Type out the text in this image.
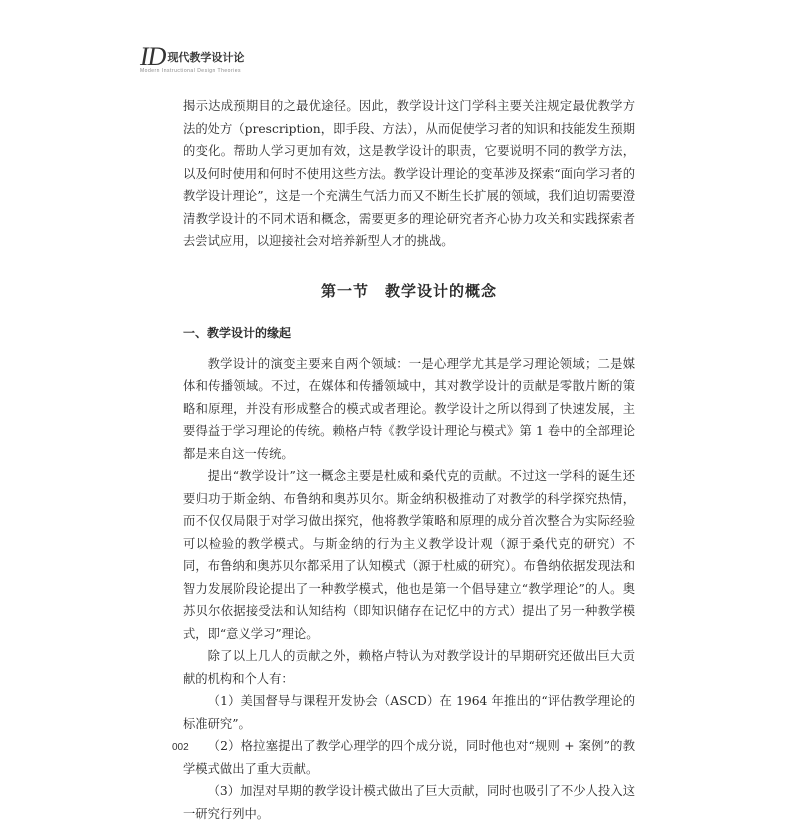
ID 现代教学设计论
Modern Instructional Design Theories

揭示达成预期目的之最优途径。因此，教学设计这门学科主要关注规定最优教学方法的处方（prescription，即手段、方法），从而促使学习者的知识和技能发生预期的变化。帮助人学习更加有效，这是教学设计的职责，它要说明不同的教学方法，以及何时使用和何时不使用这些方法。教学设计理论的变革涉及探索“面向学习者的教学设计理论”，这是一个充满生气活力而又不断生长扩展的领域，我们迫切需要澄清教学设计的不同术语和概念，需要更多的理论研究者齐心协力攻关和实践探索者去尝试应用，以迎接社会对培养新型人才的挑战。

第一节　教学设计的概念
一、教学设计的缘起

教学设计的演变主要来自两个领域：一是心理学尤其是学习理论领域；二是媒体和传播领域。不过，在媒体和传播领域中，其对教学设计的贡献是零散片断的策略和原理，并没有形成整合的模式或者理论。教学设计之所以得到了快速发展，主要得益于学习理论的传统。赖格卢特《教学设计理论与模式》第 1 卷中的全部理论都是来自这一传统。

提出“教学设计”这一概念主要是杜威和桑代克的贡献。不过这一学科的诞生还要归功于斯金纳、布鲁纳和奥苏贝尔。斯金纳积极推动了对教学的科学探究热情，而不仅仅局限于对学习做出探究，他将教学策略和原理的成分首次整合为实际经验可以检验的教学模式。与斯金纳的行为主义教学设计观（源于桑代克的研究）不同，布鲁纳和奥苏贝尔都采用了认知模式（源于杜威的研究）。布鲁纳依据发现法和智力发展阶段论提出了一种教学模式，他也是第一个倡导建立“教学理论”的人。奥苏贝尔依据接受法和认知结构（即知识储存在记忆中的方式）提出了另一种教学模式，即“意义学习”理论。

除了以上几人的贡献之外，赖格卢特认为对教学设计的早期研究还做出巨大贡献的机构和个人有：

（1）美国督导与课程开发协会（ASCD）在 1964 年推出的“评估教学理论的标准研究”。

（2）格拉塞提出了教学心理学的四个成分说，同时他也对“规则 + 案例”的教学模式做出了重大贡献。

（3）加涅对早期的教学设计模式做出了巨大贡献，同时也吸引了不少人投入这一研究行列中。

002
